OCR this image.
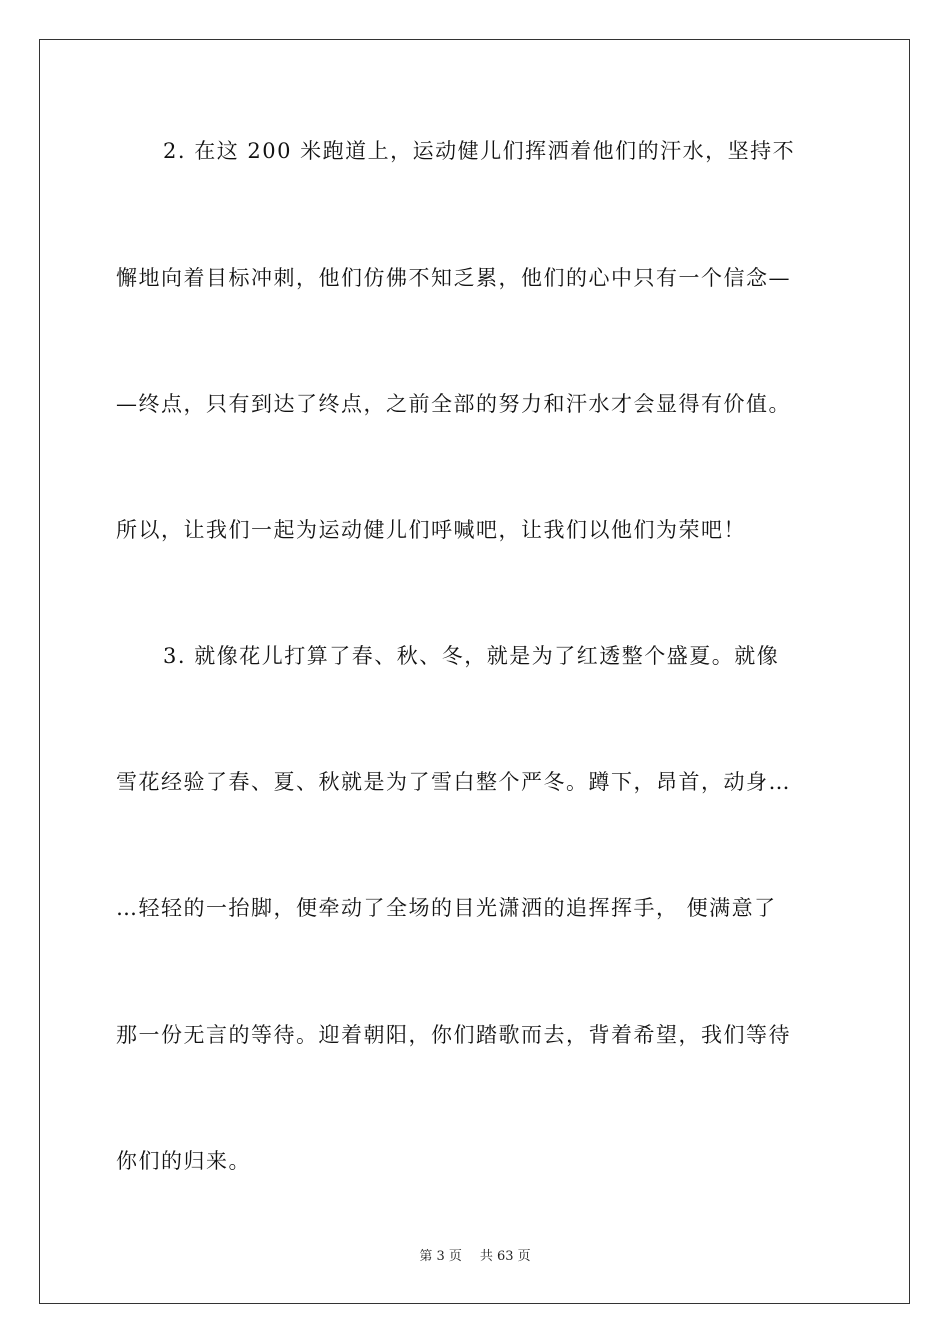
2. 在这 200 米跑道上，运动健儿们挥洒着他们的汗水，坚持不
懈地向着目标冲刺，他们仿佛不知乏累，他们的心中只有一个信念—
—终点，只有到达了终点，之前全部的努力和汗水才会显得有价值。
所以，让我们一起为运动健儿们呼喊吧，让我们以他们为荣吧！
3. 就像花儿打算了春、秋、冬，就是为了红透整个盛夏。就像
雪花经验了春、夏、秋就是为了雪白整个严冬。蹲下，昂首，动身…
…轻轻的一抬脚，便牵动了全场的目光潇洒的追挥挥手， 便满意了
那一份无言的等待。迎着朝阳，你们踏歌而去，背着希望，我们等待
你们的归来。
第 3 页 共 63 页
